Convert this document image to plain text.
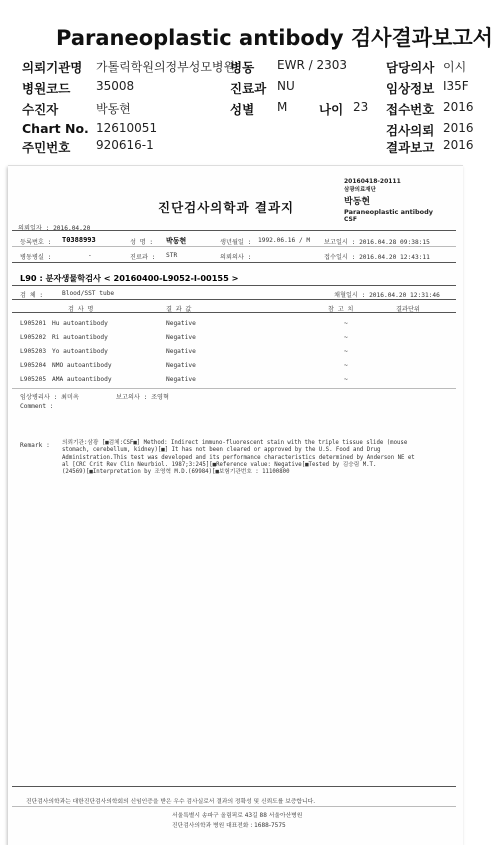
Paraneoplastic antibody 검사결과보고서
의뢰기관명 가톨릭학원의정부성모병원
병동 EWR / 2303	담당의사 이시
병원코드 35008	진료과 NU	임상정보 I35F
수진자	박동현	성별 M	나이 23 접수번호 2016
Chart No. 12610051	검사의뢰 2016
주민번호 920616-1	결과보고 2016
20160418-20111
삼광의료재단
박동현
Paraneoplastic antibody
CSF
진단검사의학과 결과지
의뢰일자 : 2016.04.20
등록번호 : T0388993	성 명 : 박동현	생년월일 : 1992.06.16 / M 보고일시 : 2016.04.28 09:38:15
병동병실 :	-	진료과 : STR	의뢰의사 :	접수일시 : 2016.04.20 12:43:11
L90 : 분자생물학검사 < 20160400-L9052-I-00155 >
검 체 :	Blood/SST tube	채혈일시 : 2016.04.20 12:31:46
검 사 명	결 과 값	참 고 치	결과단위
L905201 Hu autoantibody	Negative	~
L905202 Ri autoantibody	Negative	~
L905203 Yo autoantibody	Negative	~
L905204 NMO autoantibody	Negative	~
L905205 AMA autoantibody	Negative	~
임상병리사 : 최미옥	보고의사 : 조영혁
Comment :
Remark : 의뢰기관:삼광 [■검체:CSF■] Method: Indirect immuno-fluorescent stain with the triple tissue slide (mouse
stomach, cerebellum, kidney)[■] It has not been cleared or approved by the U.S. Food and Drug
Administration.This test was developed and its performance characteristics determined by Anderson NE et
al [CRC Crit Rev Clin Neurbiol. 1987;3:245][■Reference value: Negative[■Tested by 김승림 M.T.
(24569)[■Interpretation by 조영혁 M.D.(69984)[■보험기관번호 : 11100800
진단검사의학과는 대한진단검사의학회의 신임인증을 받은 우수 검사실로서 결과의 정확성 및 신뢰도를 보증합니다.
서울특별시 송파구 올림픽로 43길 88 서울아산병원
진단검사의학과 병원 대표전화 : 1688-7575
